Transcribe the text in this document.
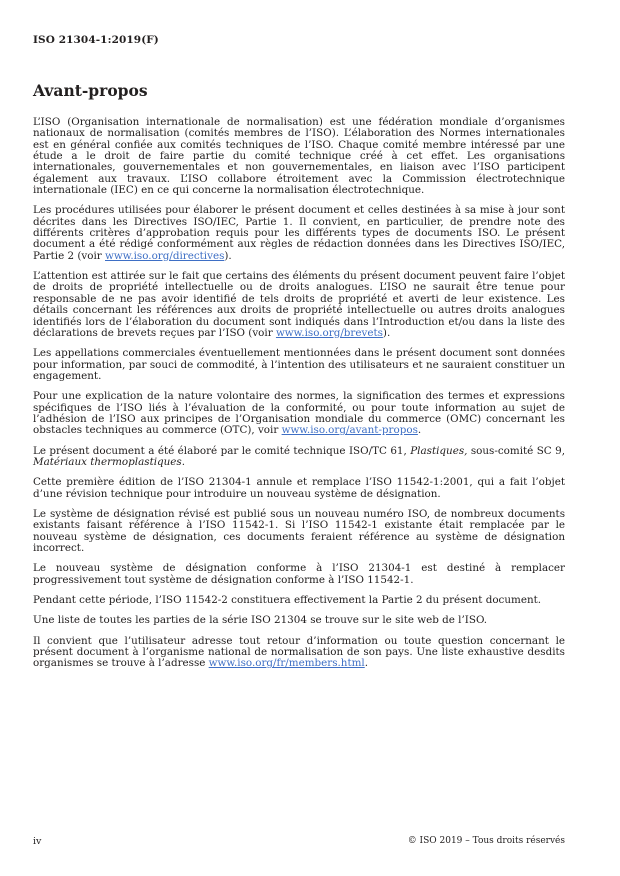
ISO 21304-1:2019(F)
Avant-propos

L’ISO (Organisation internationale de normalisation) est une fédération mondiale d’organismes nationaux de normalisation (comités membres de l’ISO). L’élaboration des Normes internationales est en général confiée aux comités techniques de l’ISO. Chaque comité membre intéressé par une étude a le droit de faire partie du comité technique créé à cet effet. Les organisations internationales, gouvernementales et non gouvernementales, en liaison avec l’ISO participent également aux travaux. L’ISO collabore étroitement avec la Commission électrotechnique internationale (IEC) en ce qui concerne la normalisation électrotechnique.

Les procédures utilisées pour élaborer le présent document et celles destinées à sa mise à jour sont décrites dans les Directives ISO/IEC, Partie 1. Il convient, en particulier, de prendre note des différents critères d’approbation requis pour les différents types de documents ISO. Le présent document a été rédigé conformément aux règles de rédaction données dans les Directives ISO/IEC, Partie 2 (voir www.iso.org/directives).

L’attention est attirée sur le fait que certains des éléments du présent document peuvent faire l’objet de droits de propriété intellectuelle ou de droits analogues. L’ISO ne saurait être tenue pour responsable de ne pas avoir identifié de tels droits de propriété et averti de leur existence. Les détails concernant les références aux droits de propriété intellectuelle ou autres droits analogues identifiés lors de l’élaboration du document sont indiqués dans l’Introduction et/ou dans la liste des déclarations de brevets reçues par l’ISO (voir www.iso.org/brevets).

Les appellations commerciales éventuellement mentionnées dans le présent document sont données pour information, par souci de commodité, à l’intention des utilisateurs et ne sauraient constituer un engagement.

Pour une explication de la nature volontaire des normes, la signification des termes et expressions spécifiques de l’ISO liés à l’évaluation de la conformité, ou pour toute information au sujet de l’adhésion de l’ISO aux principes de l’Organisation mondiale du commerce (OMC) concernant les obstacles techniques au commerce (OTC), voir www.iso.org/avant-propos.

Le présent document a été élaboré par le comité technique ISO/TC 61, Plastiques, sous-comité SC 9, Matériaux thermoplastiques.

Cette première édition de l’ISO 21304-1 annule et remplace l’ISO 11542-1:2001, qui a fait l’objet d’une révision technique pour introduire un nouveau système de désignation.

Le système de désignation révisé est publié sous un nouveau numéro ISO, de nombreux documents existants faisant référence à l’ISO 11542-1. Si l’ISO 11542-1 existante était remplacée par le nouveau système de désignation, ces documents feraient référence au système de désignation incorrect.

Le nouveau système de désignation conforme à l’ISO 21304-1 est destiné à remplacer progressivement tout système de désignation conforme à l’ISO 11542-1.

Pendant cette période, l’ISO 11542-2 constituera effectivement la Partie 2 du présent document.

Une liste de toutes les parties de la série ISO 21304 se trouve sur le site web de l’ISO.

Il convient que l’utilisateur adresse tout retour d’information ou toute question concernant le présent document à l’organisme national de normalisation de son pays. Une liste exhaustive desdits organismes se trouve à l’adresse www.iso.org/fr/members.html.

iv	© ISO 2019 – Tous droits réservés
